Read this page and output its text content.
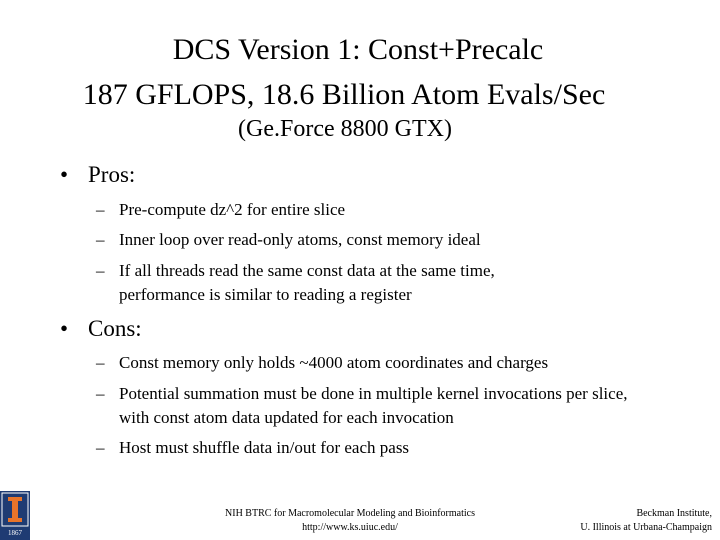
DCS Version 1: Const+Precalc
187 GFLOPS, 18.6 Billion Atom Evals/Sec
(Ge.Force 8800 GTX)
• Pros:
– Pre-compute dz^2 for entire slice
– Inner loop over read-only atoms, const memory ideal
– If all threads read the same const data at the same time, performance is similar to reading a register
• Cons:
– Const memory only holds ~4000 atom coordinates and charges
– Potential summation must be done in multiple kernel invocations per slice, with const atom data updated for each invocation
– Host must shuffle data in/out for each pass
1867
NIH BTRC for Macromolecular Modeling and Bioinformatics
http://www.ks.uiuc.edu/
Beckman Institute,
U. Illinois at Urbana-Champaign
